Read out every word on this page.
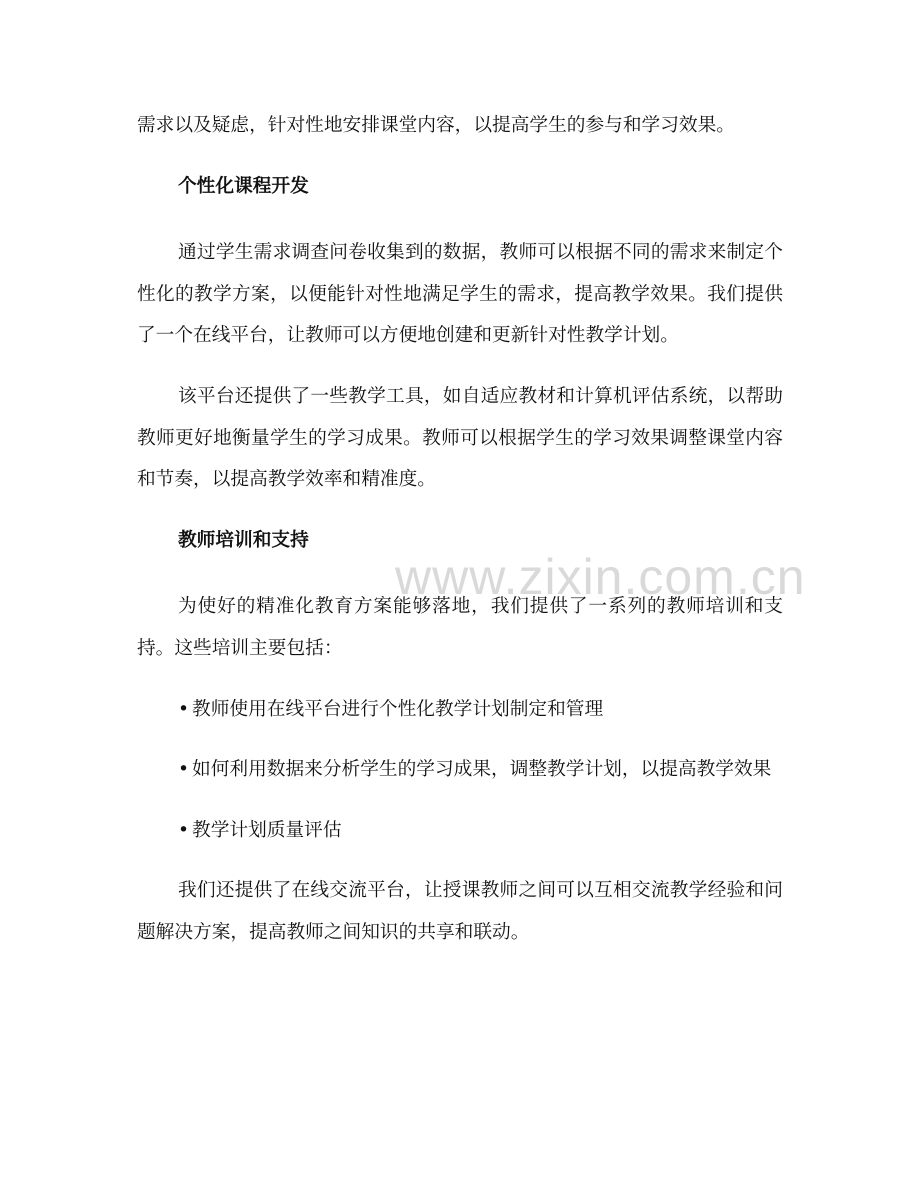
www.zixin.com.cn

需求以及疑虑，针对性地安排课堂内容，以提高学生的参与和学习效果。

个性化课程开发

通过学生需求调查问卷收集到的数据，教师可以根据不同的需求来制定个性化的教学方案，以便能针对性地满足学生的需求，提高教学效果。我们提供了一个在线平台，让教师可以方便地创建和更新针对性教学计划。

该平台还提供了一些教学工具，如自适应教材和计算机评估系统，以帮助教师更好地衡量学生的学习成果。教师可以根据学生的学习效果调整课堂内容和节奏，以提高教学效率和精准度。

教师培训和支持

为使好的精准化教育方案能够落地，我们提供了一系列的教师培训和支持。这些培训主要包括：

• 教师使用在线平台进行个性化教学计划制定和管理
• 如何利用数据来分析学生的学习成果，调整教学计划，以提高教学效果
• 教学计划质量评估

我们还提供了在线交流平台，让授课教师之间可以互相交流教学经验和问题解决方案，提高教师之间知识的共享和联动。
